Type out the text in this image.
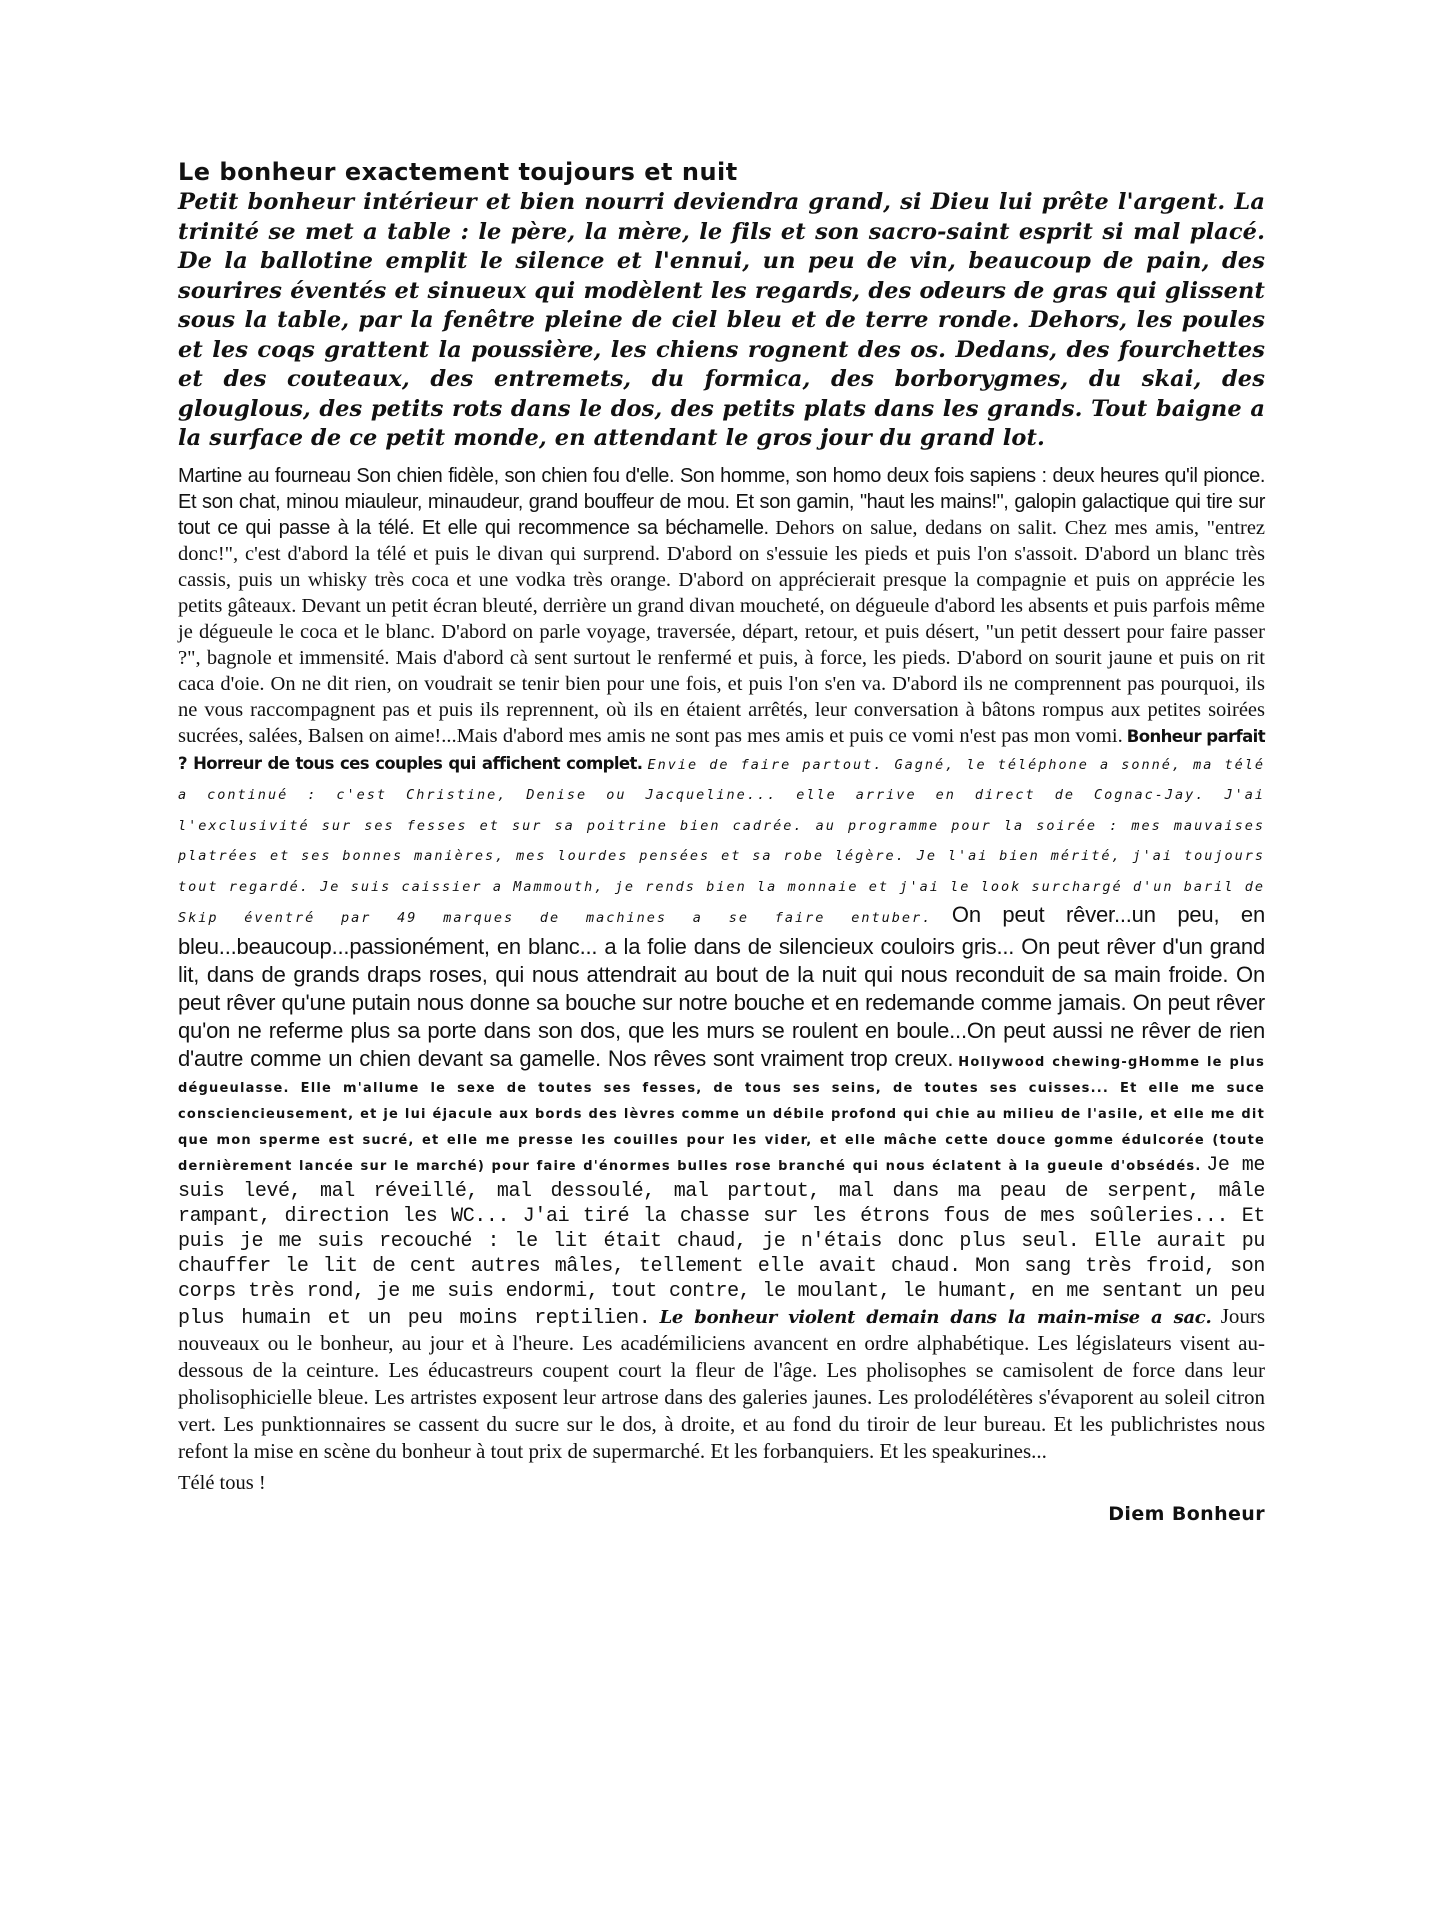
Le bonheur exactement toujours et nuit

Petit bonheur intérieur et bien nourri deviendra grand, si Dieu lui prête l'argent. La trinité se met a table : le père, la mère, le fils et son sacro-saint esprit si mal placé. De la ballotine emplit le silence et l'ennui, un peu de vin, beaucoup de pain, des sourires éventés et sinueux qui modèlent les regards, des odeurs de gras qui glissent sous la table, par la fenêtre pleine de ciel bleu et de terre ronde. Dehors, les poules et les coqs grattent la poussière, les chiens rognent des os. Dedans, des fourchettes et des couteaux, des entremets, du formica, des borborygmes, du skai, des glouglous, des petits rots dans le dos, des petits plats dans les grands. Tout baigne a la surface de ce petit monde, en attendant le gros jour du grand lot.

Martine au fourneau Son chien fidèle, son chien fou d'elle. Son homme, son homo deux fois sapiens : deux heures qu'il pionce. Et son chat, minou miauleur, minaudeur, grand bouffeur de mou. Et son gamin, "haut les mains!", galopin galactique qui tire sur tout ce qui passe à la télé. Et elle qui recommence sa béchamelle. Dehors on salue, dedans on salit. Chez mes amis, "entrez donc!", c'est d'abord la télé et puis le divan qui surprend. D'abord on s'essuie les pieds et puis l'on s'assoit. D'abord un blanc très cassis, puis un whisky très coca et une vodka très orange. D'abord on apprécierait presque la compagnie et puis on apprécie les petits gâteaux. Devant un petit écran bleuté, derrière un grand divan moucheté, on dégueule d'abord les absents et puis parfois même je dégueule le coca et le blanc. D'abord on parle voyage, traversée, départ, retour, et puis désert, "un petit dessert pour faire passer ?", bagnole et immensité. Mais d'abord cà sent surtout le renfermé et puis, à force, les pieds. D'abord on sourit jaune et puis on rit caca d'oie. On ne dit rien, on voudrait se tenir bien pour une fois, et puis l'on s'en va. D'abord ils ne comprennent pas pourquoi, ils ne vous raccompagnent pas et puis ils reprennent, où ils en étaient arrêtés, leur conversation à bâtons rompus aux petites soirées sucrées, salées, Balsen on aime!...Mais d'abord mes amis ne sont pas mes amis et puis ce vomi n'est pas mon vomi. Bonheur parfait ? Horreur de tous ces couples qui affichent complet. Envie de faire partout. Gagné, le téléphone a sonné, ma télé a continué : c'est Christine, Denise ou Jacqueline... elle arrive en direct de Cognac-Jay. J'ai l'exclusivité sur ses fesses et sur sa poitrine bien cadrée. au programme pour la soirée : mes mauvaises platrées et ses bonnes manières, mes lourdes pensées et sa robe légère. Je l'ai bien mérité, j'ai toujours tout regardé. Je suis caissier a Mammouth, je rends bien la monnaie et j'ai le look surchargé d'un baril de Skip éventré par 49 marques de machines a se faire entuber. On peut rêver...un peu, en bleu...beaucoup...passionément, en blanc... a la folie dans de silencieux couloirs gris... On peut rêver d'un grand lit, dans de grands draps roses, qui nous attendrait au bout de la nuit qui nous reconduit de sa main froide. On peut rêver qu'une putain nous donne sa bouche sur notre bouche et en redemande comme jamais. On peut rêver qu'on ne referme plus sa porte dans son dos, que les murs se roulent en boule...On peut aussi ne rêver de rien d'autre comme un chien devant sa gamelle. Nos rêves sont vraiment trop creux. Hollywood chewing-gHomme le plus dégueulasse. Elle m'allume le sexe de toutes ses fesses, de tous ses seins, de toutes ses cuisses... Et elle me suce consciencieusement, et je lui éjacule aux bords des lèvres comme un débile profond qui chie au milieu de l'asile, et elle me dit que mon sperme est sucré, et elle me presse les couilles pour les vider, et elle mâche cette douce gomme édulcorée (toute dernièrement lancée sur le marché) pour faire d'énormes bulles rose branché qui nous éclatent à la gueule d'obsédés. Je me suis levé, mal réveillé, mal dessoulé, mal partout, mal dans ma peau de serpent, mâle rampant, direction les WC... J'ai tiré la chasse sur les étrons fous de mes soûleries... Et puis je me suis recouché : le lit était chaud, je n'étais donc plus seul. Elle aurait pu chauffer le lit de cent autres mâles, tellement elle avait chaud. Mon sang très froid, son corps très rond, je me suis endormi, tout contre, le moulant, le humant, en me sentant un peu plus humain et un peu moins reptilien. Le bonheur violent demain dans la main-mise a sac. Jours nouveaux ou le bonheur, au jour et à l'heure. Les académiliciens avancent en ordre alphabétique. Les législateurs visent au-dessous de la ceinture. Les éducastreurs coupent court la fleur de l'âge. Les pholisophes se camisolent de force dans leur pholisophicielle bleue. Les artristes exposent leur artrose dans des galeries jaunes. Les prolodélétères s'évaporent au soleil citron vert. Les punktionnaires se cassent du sucre sur le dos, à droite, et au fond du tiroir de leur bureau. Et les publichristes nous refont la mise en scène du bonheur à tout prix de supermarché. Et les forbanquiers. Et les speakurines...

Télé tous !
Diem Bonheur
